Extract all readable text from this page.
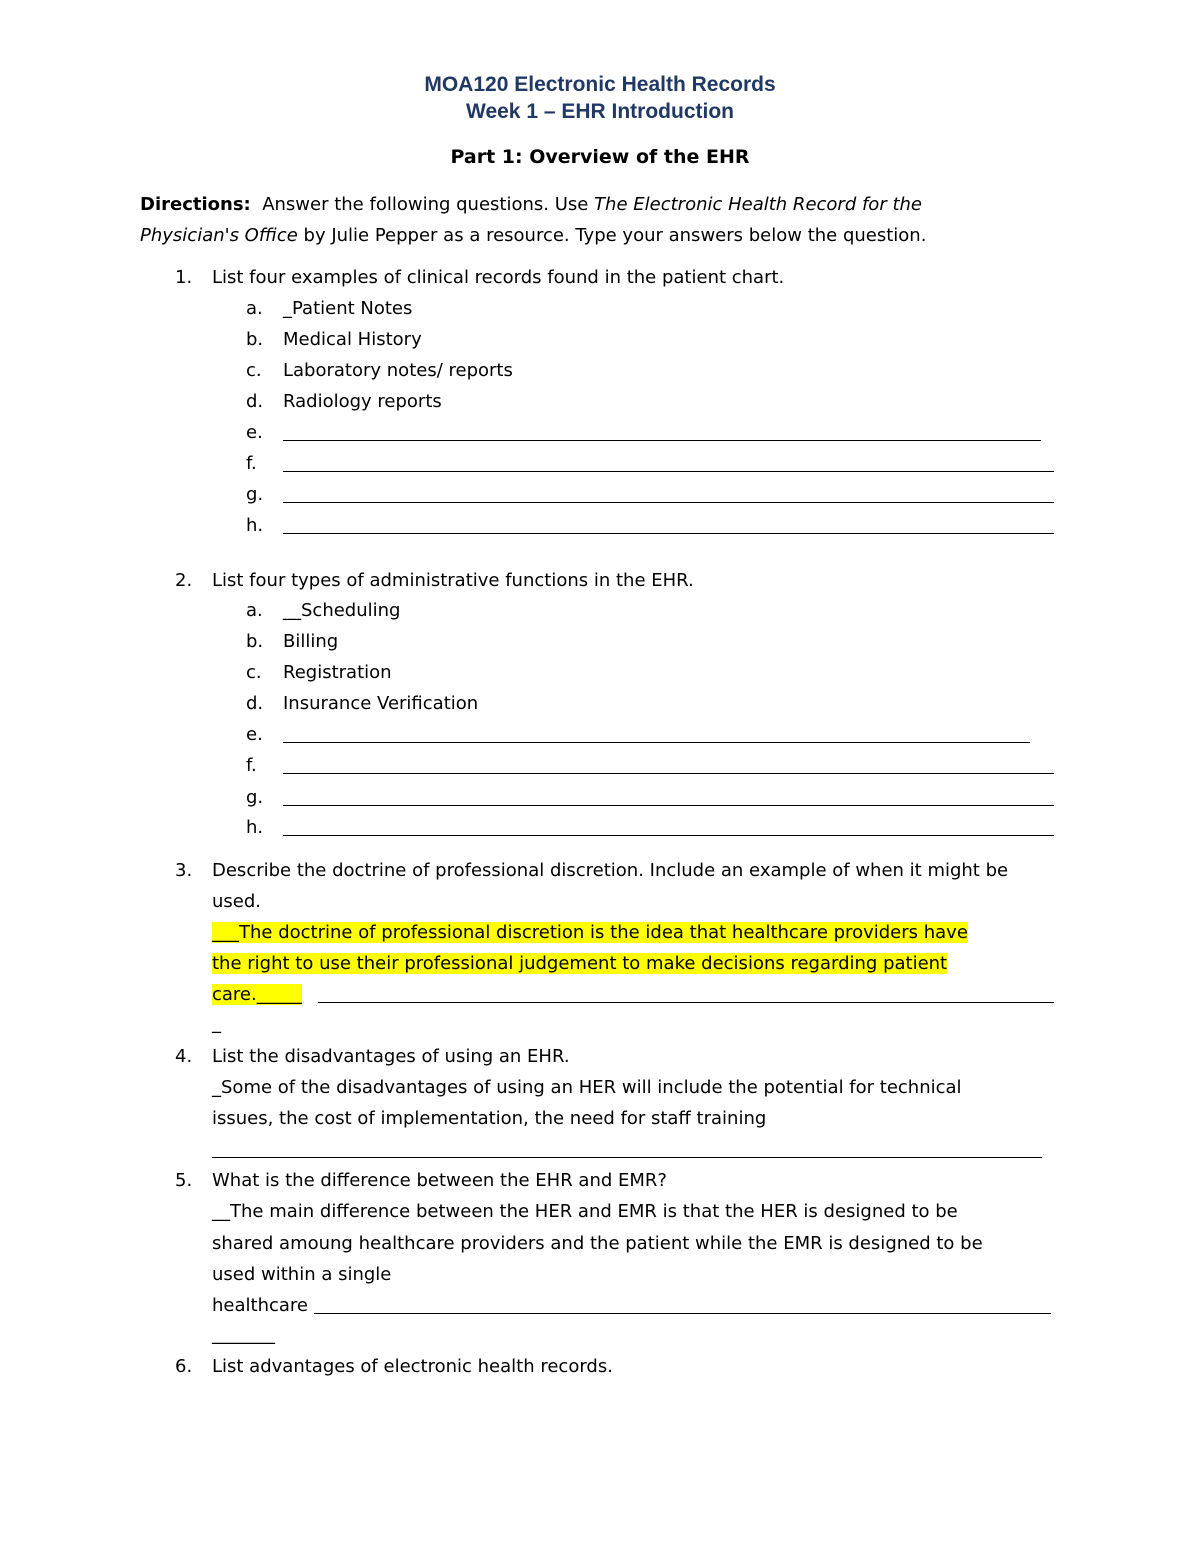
MOA120 Electronic Health Records
Week 1 – EHR Introduction
Part 1: Overview of the EHR
Directions: Answer the following questions. Use The Electronic Health Record for the
Physician's Office by Julie Pepper as a resource. Type your answers below the question.
1.	List four examples of clinical records found in the patient chart.
a.	_Patient Notes
b.	Medical History
c.	Laboratory notes/ reports
d.	Radiology reports
e.
f.
g.
h.
2.	List four types of administrative functions in the EHR.
a.	__Scheduling
b.	Billing
c.	Registration
d.	Insurance Verification
e.
f.
g.
h.
3.	Describe the doctrine of professional discretion. Include an example of when it might be
used.
___The doctrine of professional discretion is the idea that healthcare providers have
the right to use their professional judgement to make decisions regarding patient
care._____
_
4.	List the disadvantages of using an EHR.
_Some of the disadvantages of using an HER will include the potential for technical
issues, the cost of implementation, the need for staff training
5.	What is the difference between the EHR and EMR?
__The main difference between the HER and EMR is that the HER is designed to be
shared amoung healthcare providers and the patient while the EMR is designed to be
used within a single
healthcare
_______
6.	List advantages of electronic health records.
